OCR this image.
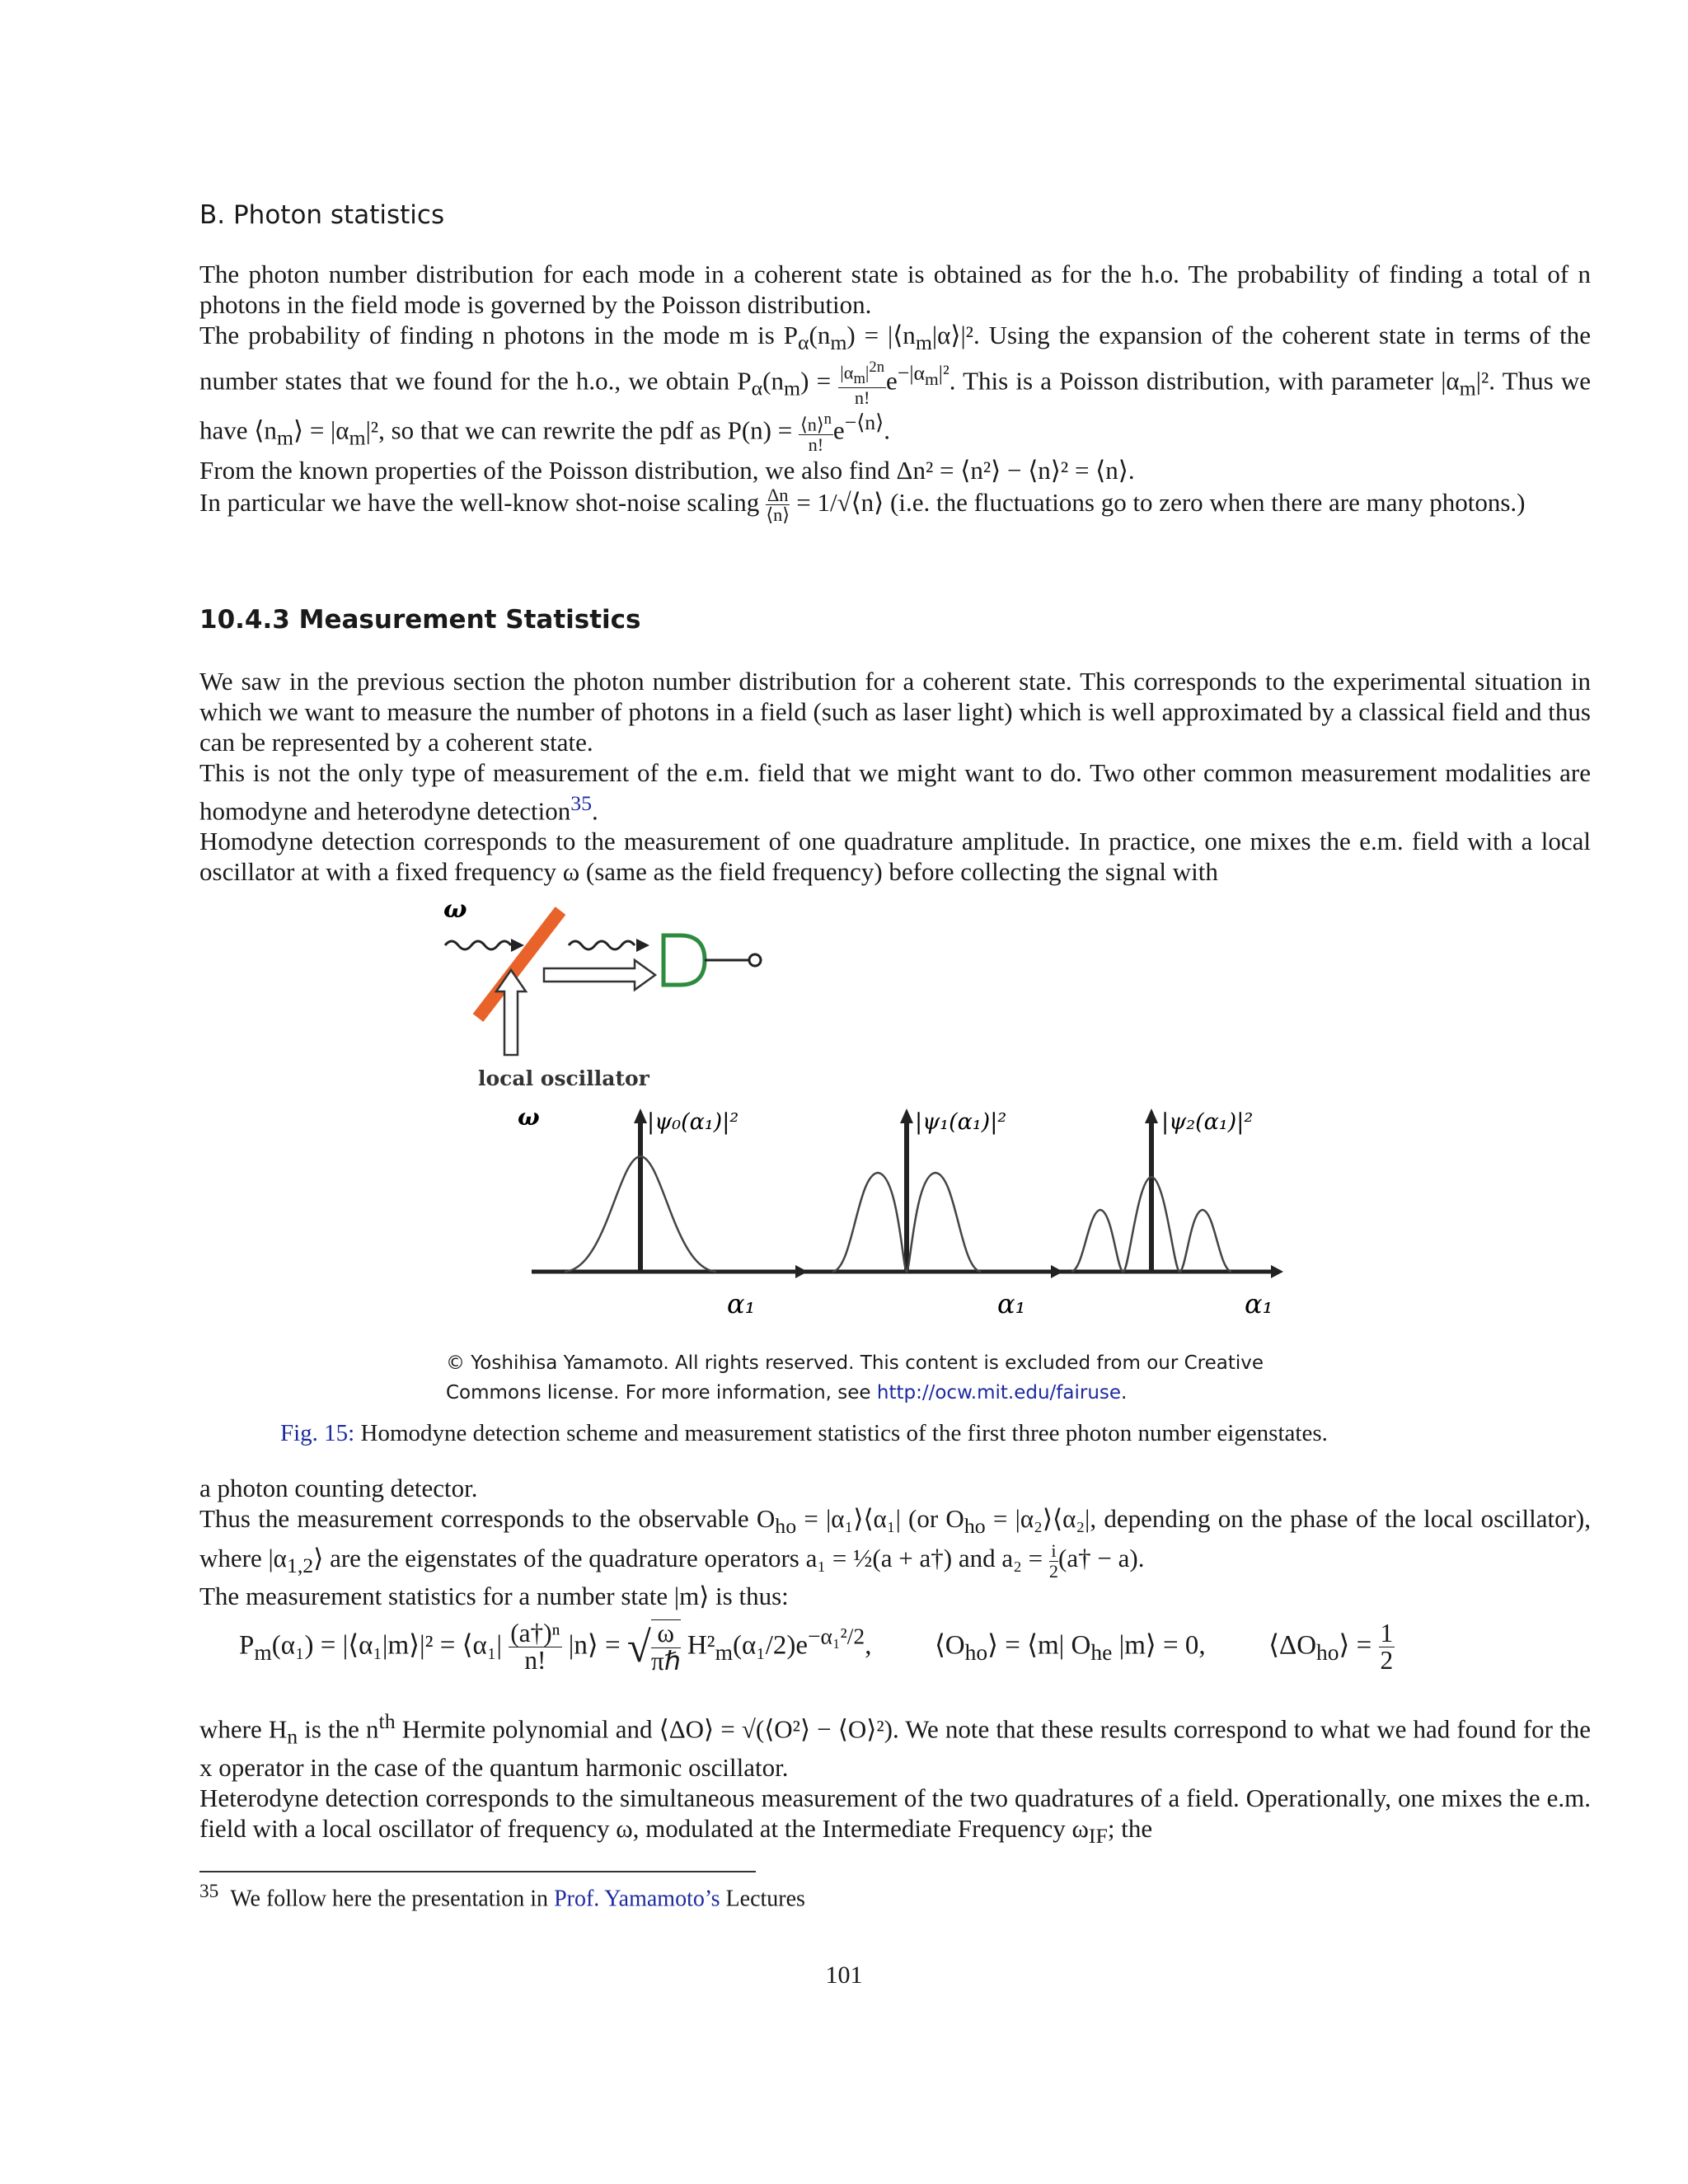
B. Photon statistics

The photon number distribution for each mode in a coherent state is obtained as for the h.o. The probability of finding a total of n photons in the field mode is governed by the Poisson distribution.

The probability of finding n photons in the mode m is $P_\alpha(n_m)$ = $|⟨n_m|\alpha⟩|^2$. Using the expansion of the coherent state in terms of the number states that we found for the h.o., we obtain $P_\alpha(n_m) = \frac{|\alpha_m|^{2n}}{n!} e^{-|\alpha_m|^2}$. This is a Poisson distribution, with parameter $|\alpha_m|^2$. Thus we have $⟨n_m⟩ = |\alpha_m|^2$, so that we can rewrite the pdf as $P(n) = \frac{⟨n⟩^n}{n!} e^{-⟨n⟩}$.

From the known properties of the Poisson distribution, we also find Δn² = ⟨n²⟩ − ⟨n⟩² = ⟨n⟩.

In particular we have the well-know shot-noise scaling $\frac{\Delta n}{⟨n⟩}$ = 1/√⟨n⟩ (i.e. the fluctuations go to zero when there are many photons.)

10.4.3 Measurement Statistics

We saw in the previous section the photon number distribution for a coherent state. This corresponds to the experimental situation in which we want to measure the number of photons in a field (such as laser light) which is well approximated by a classical field and thus can be represented by a coherent state.

This is not the only type of measurement of the e.m. field that we might want to do. Two other common measurement modalities are homodyne and heterodyne detection$^{35}$.

Homodyne detection corresponds to the measurement of one quadrature amplitude. In practice, one mixes the e.m. field with a local oscillator at with a fixed frequency ω (same as the field frequency) before collecting the signal with

ω
local oscillator
ω	|ψ₀(α₁)|²
α₁
|ψ₁(α₁)|²
α₁
|ψ₂(α₁)|²
α₁
© Yoshihisa Yamamoto. All rights reserved. This content is excluded from our Creative
Commons license. For more information, see http://ocw.mit.edu/fairuse.
Fig. 15: Homodyne detection scheme and measurement statistics of the first three photon number eigenstates.

a photon counting detector.

Thus the measurement corresponds to the observable $O_{ho}$ = |α₁⟩⟨α₁| (or $O_{ho}$ = |α₂⟩⟨α₂|, depending on the phase of the local oscillator), where $|\alpha_{1,2}⟩$ are the eigenstates of the quadrature operators a₁ = ½(a + a†) and $a_2 = \frac{i}{2}$ (a† − a).

The measurement statistics for a number state |m⟩ is thus:

$P_m(\alpha_1)$ = |⟨α₁|m⟩|² = ⟨α₁| $\frac{\text{(a†)ⁿ}}{n!}$ |n⟩ = √ $\frac{\omega}{\text{πℏ}} H^2_m(\alpha_1/2)e^{-\alpha_1^2/2}$, $⟨O_{ho}⟩$ = ⟨m| $O_{he}$ |m⟩ = 0, $⟨\Delta O_{ho}⟩ = \frac{1}{2}$

where $H_n$ is the $n^{th}$ Hermite polynomial and ⟨ΔO⟩ = √(⟨O²⟩ − ⟨O⟩²). We note that these results correspond to what we had found for the x operator in the case of the quantum harmonic oscillator.

Heterodyne detection corresponds to the simultaneous measurement of the two quadratures of a field. Operationally, one mixes the e.m. field with a local oscillator of frequency ω, modulated at the Intermediate Frequency $\omega_{IF}$; the

$^{35}$ We follow here the presentation in Prof. Yamamoto’s Lectures
101
